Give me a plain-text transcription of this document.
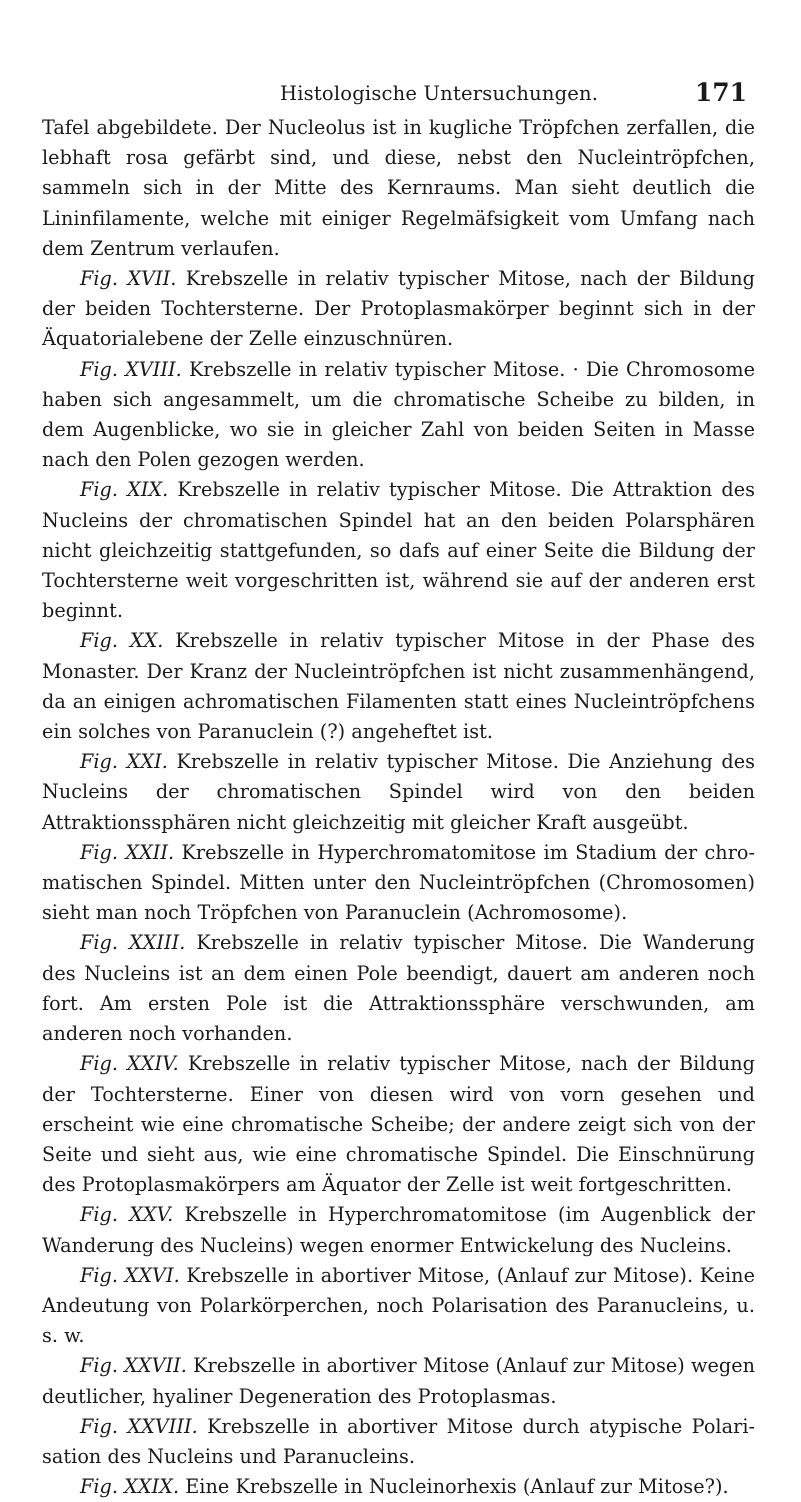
Histologische Untersuchungen.	171

Tafel abgebildete. Der Nucleolus ist in kugliche Tröpfchen zerfallen, die lebhaft rosa gefärbt sind, und diese, nebst den Nucleintröpfchen, sammeln sich in der Mitte des Kernraums. Man sieht deutlich die Lininfilamente, welche mit einiger Regelmäfsigkeit vom Umfang nach dem Zentrum verlaufen.

Fig. XVII. Krebszelle in relativ typischer Mitose, nach der Bildung der beiden Tochtersterne. Der Protoplasmakörper beginnt sich in der Äquatorialebene der Zelle einzuschnüren.

Fig. XVIII. Krebszelle in relativ typischer Mitose. · Die Chromosome haben sich angesammelt, um die chromatische Scheibe zu bilden, in dem Augenblicke, wo sie in gleicher Zahl von beiden Seiten in Masse nach den Polen gezogen werden.

Fig. XIX. Krebszelle in relativ typischer Mitose. Die Attraktion des Nucleins der chromatischen Spindel hat an den beiden Polarsphären nicht gleichzeitig stattgefunden, so dafs auf einer Seite die Bildung der Tochtersterne weit vorgeschritten ist, während sie auf der anderen erst beginnt.

Fig. XX. Krebszelle in relativ typischer Mitose in der Phase des Monaster. Der Kranz der Nucleintröpfchen ist nicht zusammenhängend, da an einigen achromatischen Filamenten statt eines Nucleintröpfchens ein solches von Paranuclein (?) angeheftet ist.

Fig. XXI. Krebszelle in relativ typischer Mitose. Die Anziehung des Nucleins der chromatischen Spindel wird von den beiden Attraktionssphären nicht gleichzeitig mit gleicher Kraft ausgeübt.

Fig. XXII. Krebszelle in Hyperchromatomitose im Stadium der chromatischen Spindel. Mitten unter den Nucleintröpfchen (Chromosomen) sieht man noch Tröpfchen von Paranuclein (Achromosome).

Fig. XXIII. Krebszelle in relativ typischer Mitose. Die Wanderung des Nucleins ist an dem einen Pole beendigt, dauert am anderen noch fort. Am ersten Pole ist die Attraktionssphäre verschwunden, am anderen noch vorhanden.

Fig. XXIV. Krebszelle in relativ typischer Mitose, nach der Bildung der Tochtersterne. Einer von diesen wird von vorn gesehen und erscheint wie eine chromatische Scheibe; der andere zeigt sich von der Seite und sieht aus, wie eine chromatische Spindel. Die Einschnürung des Protoplasmakörpers am Äquator der Zelle ist weit fortgeschritten.

Fig. XXV. Krebszelle in Hyperchromatomitose (im Augenblick der Wanderung des Nucleins) wegen enormer Entwickelung des Nucleins.

Fig. XXVI. Krebszelle in abortiver Mitose, (Anlauf zur Mitose). Keine Andeutung von Polarkörperchen, noch Polarisation des Paranucleins, u. s. w.

Fig. XXVII. Krebszelle in abortiver Mitose (Anlauf zur Mitose) wegen deutlicher, hyaliner Degeneration des Protoplasmas.

Fig. XXVIII. Krebszelle in abortiver Mitose durch atypische Polarisation des Nucleins und Paranucleins.

Fig. XXIX. Eine Krebszelle in Nucleinorhexis (Anlauf zur Mitose?).
